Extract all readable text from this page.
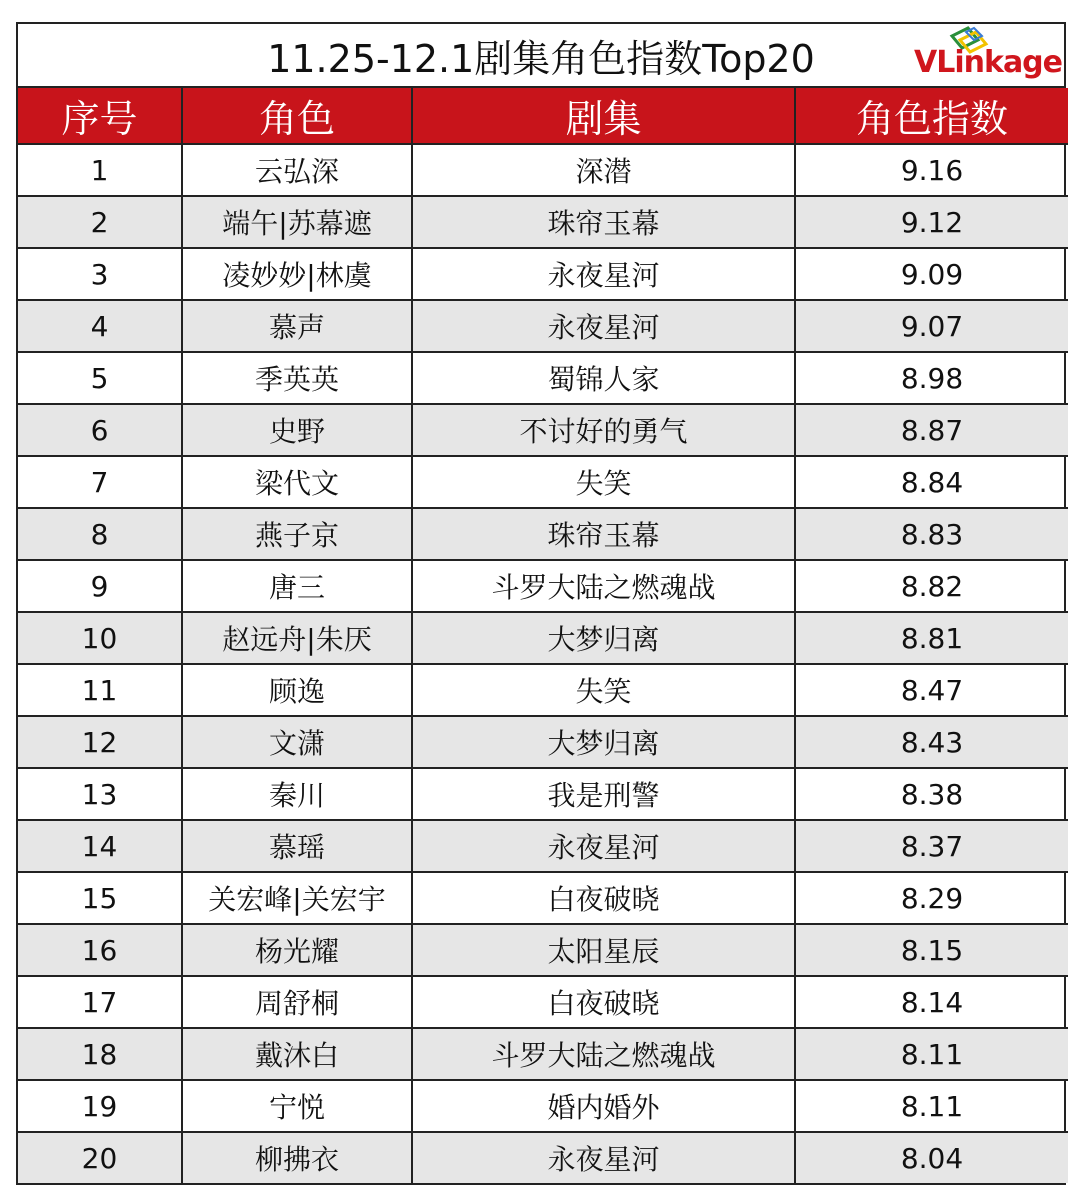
11.25-12.1剧集角色指数Top20	VLinkage
序号	角色	剧集	角色指数
1	云弘深	深潜	9.16
2	端午|苏幕遮	珠帘玉幕	9.12
3	凌妙妙|林虞	永夜星河	9.09
4	慕声	永夜星河	9.07
5	季英英	蜀锦人家	8.98
6	史野	不讨好的勇气	8.87
7	梁代文	失笑	8.84
8	燕子京	珠帘玉幕	8.83
9	唐三	斗罗大陆之燃魂战	8.82
10	赵远舟|朱厌	大梦归离	8.81
11	顾逸	失笑	8.47
12	文潇	大梦归离	8.43
13	秦川	我是刑警	8.38
14	慕瑶	永夜星河	8.37
15	关宏峰|关宏宇	白夜破晓	8.29
16	杨光耀	太阳星辰	8.15
17	周舒桐	白夜破晓	8.14
18	戴沐白	斗罗大陆之燃魂战	8.11
19	宁悦	婚内婚外	8.11
20	柳拂衣	永夜星河	8.04
